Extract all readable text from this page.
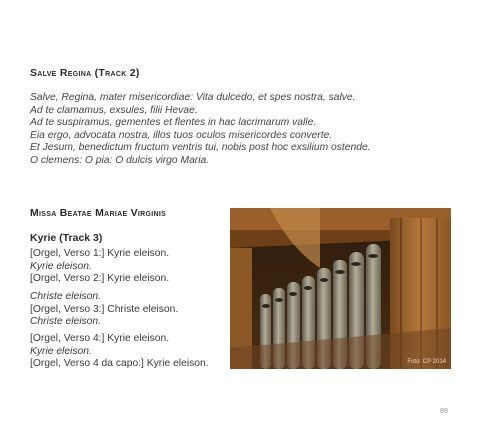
Salve Regina (Track 2)
Salve, Regina, mater misericordiae: Vita dulcedo, et spes nostra, salve.
Ad te clamamus, exsules, filii Hevae.
Ad te suspiramus, gementes et flentes in hac lacrimarum valle.
Eia ergo, advocata nostra, illos tuos oculos misericordes converte.
Et Jesum, benedictum fructum ventris tui, nobis post hoc exsilium ostende.
O clemens: O pia: O dulcis virgo Maria.
Missa Beatae Mariae Virginis
Kyrie (Track 3)
[Orgel, Verso 1:] Kyrie eleison.
Kyrie eleison.
[Orgel, Verso 2:] Kyrie eleison.
Christe eleison.
[Orgel, Verso 3:] Christe eleison.
Christe eleison.
[Orgel, Verso 4:] Kyrie eleison.
Kyrie eleison.
[Orgel, Verso 4 da capo:] Kyrie eleison.	Foto: CP 2014
89
